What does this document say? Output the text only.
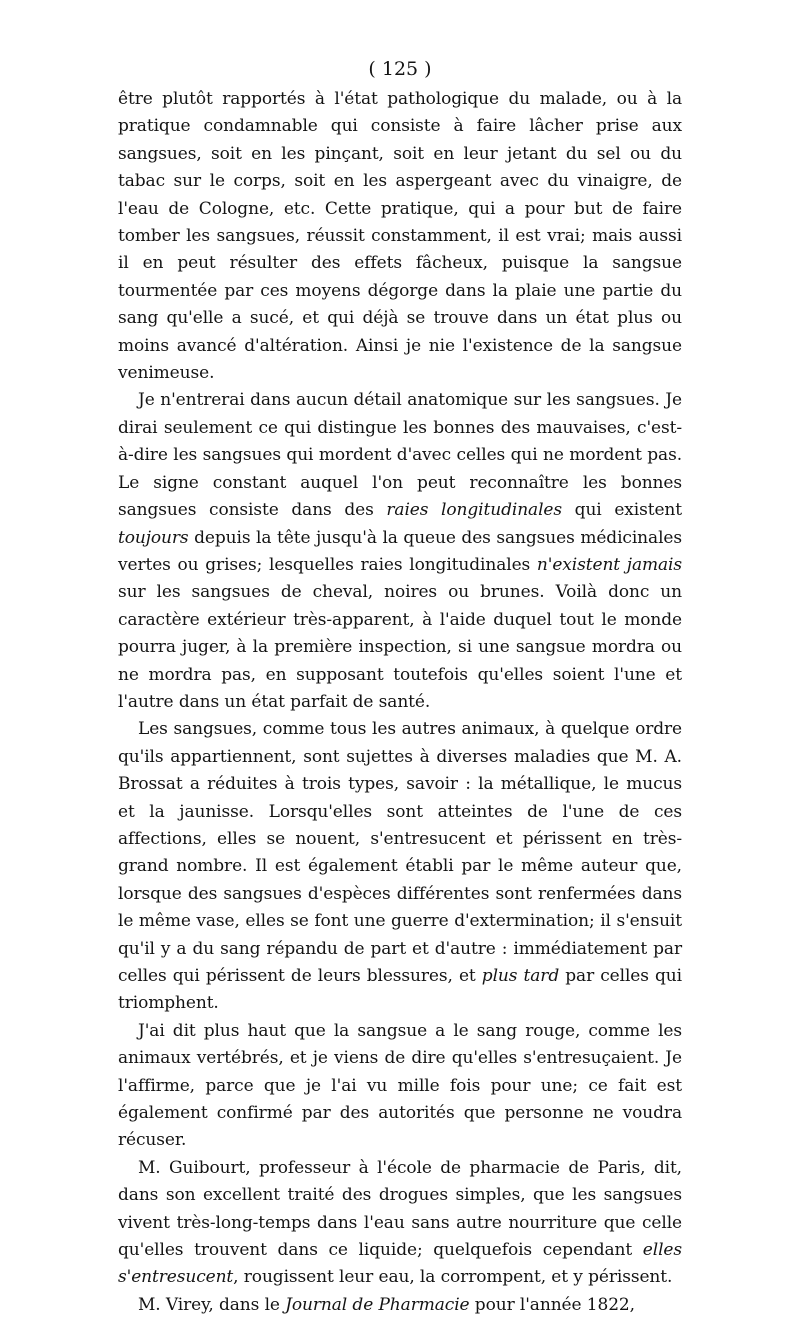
( 125 )

être plutôt rapportés à l'état pathologique du malade, ou à la pratique condamnable qui consiste à faire lâcher prise aux sangsues, soit en les pinçant, soit en leur jetant du sel ou du tabac sur le corps, soit en les aspergeant avec du vinaigre, de l'eau de Cologne, etc. Cette pratique, qui a pour but de faire tomber les sangsues, réussit constamment, il est vrai; mais aussi il en peut résulter des effets fâcheux, puisque la sangsue tourmentée par ces moyens dégorge dans la plaie une partie du sang qu'elle a sucé, et qui déjà se trouve dans un état plus ou moins avancé d'altération. Ainsi je nie l'existence de la sangsue venimeuse.

Je n'entrerai dans aucun détail anatomique sur les sangsues. Je dirai seulement ce qui distingue les bonnes des mauvaises, c'est-à-dire les sangsues qui mordent d'avec celles qui ne mordent pas. Le signe constant auquel l'on peut reconnaître les bonnes sangsues consiste dans des raies longitudinales qui existent toujours depuis la tête jusqu'à la queue des sangsues médicinales vertes ou grises; lesquelles raies longitudinales n'existent jamais sur les sangsues de cheval, noires ou brunes. Voilà donc un caractère extérieur très-apparent, à l'aide duquel tout le monde pourra juger, à la première inspection, si une sangsue mordra ou ne mordra pas, en supposant toutefois qu'elles soient l'une et l'autre dans un état parfait de santé.

Les sangsues, comme tous les autres animaux, à quelque ordre qu'ils appartiennent, sont sujettes à diverses maladies que M. A. Brossat a réduites à trois types, savoir : la métallique, le mucus et la jaunisse. Lorsqu'elles sont atteintes de l'une de ces affections, elles se nouent, s'entresucent et périssent en très-grand nombre. Il est également établi par le même auteur que, lorsque des sangsues d'espèces différentes sont renfermées dans le même vase, elles se font une guerre d'extermination; il s'ensuit qu'il y a du sang répandu de part et d'autre : immédiatement par celles qui périssent de leurs blessures, et plus tard par celles qui triomphent.

J'ai dit plus haut que la sangsue a le sang rouge, comme les animaux vertébrés, et je viens de dire qu'elles s'entresuçaient. Je l'affirme, parce que je l'ai vu mille fois pour une; ce fait est également confirmé par des autorités que personne ne voudra récuser.

M. Guibourt, professeur à l'école de pharmacie de Paris, dit, dans son excellent traité des drogues simples, que les sangsues vivent très-long-temps dans l'eau sans autre nourriture que celle qu'elles trouvent dans ce liquide; quelquefois cependant elles s'entresucent, rougissent leur eau, la corrompent, et y périssent.

M. Virey, dans le Journal de Pharmacie pour l'année 1822,
